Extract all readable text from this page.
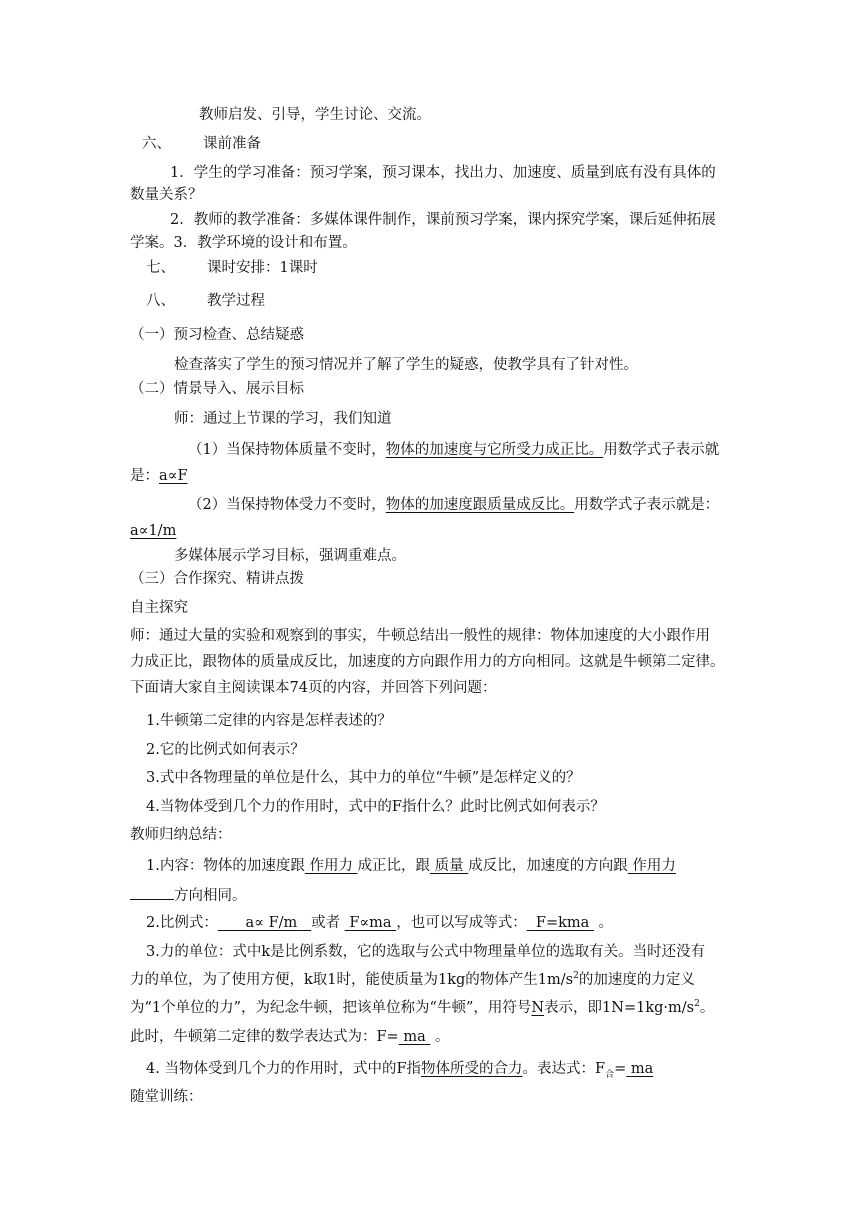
教师启发、引导，学生讨论、交流。
六、 课前准备
1．学生的学习准备：预习学案，预习课本，找出力、加速度、质量到底有没有具体的
数量关系？
2．教师的教学准备：多媒体课件制作，课前预习学案，课内探究学案，课后延伸拓展
学案。3．教学环境的设计和布置。
七、 课时安排：1课时
八、 教学过程
（一）预习检查、总结疑惑
检查落实了学生的预习情况并了解了学生的疑惑，使教学具有了针对性。
（二）情景导入、展示目标
师：通过上节课的学习，我们知道
（1）当保持物体质量不变时，物体的加速度与它所受力成正比。用数学式子表示就
是：a∝F
（2）当保持物体受力不变时，物体的加速度跟质量成反比。用数学式子表示就是：
a∝1/m
多媒体展示学习目标，强调重难点。
（三）合作探究、精讲点拨
自主探究
师：通过大量的实验和观察到的事实，牛顿总结出一般性的规律：物体加速度的大小跟作用
力成正比，跟物体的质量成反比，加速度的方向跟作用力的方向相同。这就是牛顿第二定律。
下面请大家自主阅读课本74页的内容，并回答下列问题：
1.牛顿第二定律的内容是怎样表述的？
2.它的比例式如何表示？
3.式中各物理量的单位是什么，其中力的单位“牛顿”是怎样定义的？
4.当物体受到几个力的作用时，式中的F指什么？此时比例式如何表示？
教师归纳总结：
1.内容：物体的加速度跟 作用力 成正比，跟 质量 成反比，加速度的方向跟 作用力
方向相同。
2.比例式： a∝ F/m 或者 F∝ma ，也可以写成等式： F=kma 。
3.力的单位：式中k是比例系数，它的选取与公式中物理量单位的选取有关。当时还没有
力的单位，为了使用方便，k取1时，能使质量为1kg的物体产生$1m/s^2$的加速度的力定义
为“1个单位的力”，为纪念牛顿，把该单位称为“牛顿”，用符号N表示，即$1N=1kg\cdot m/s^2$。
此时，牛顿第二定律的数学表达式为：F= ma 。
4. 当物体受到几个力的作用时，式中的F指物体所受的合力。表达式：$F_合=$ ma
随堂训练：
